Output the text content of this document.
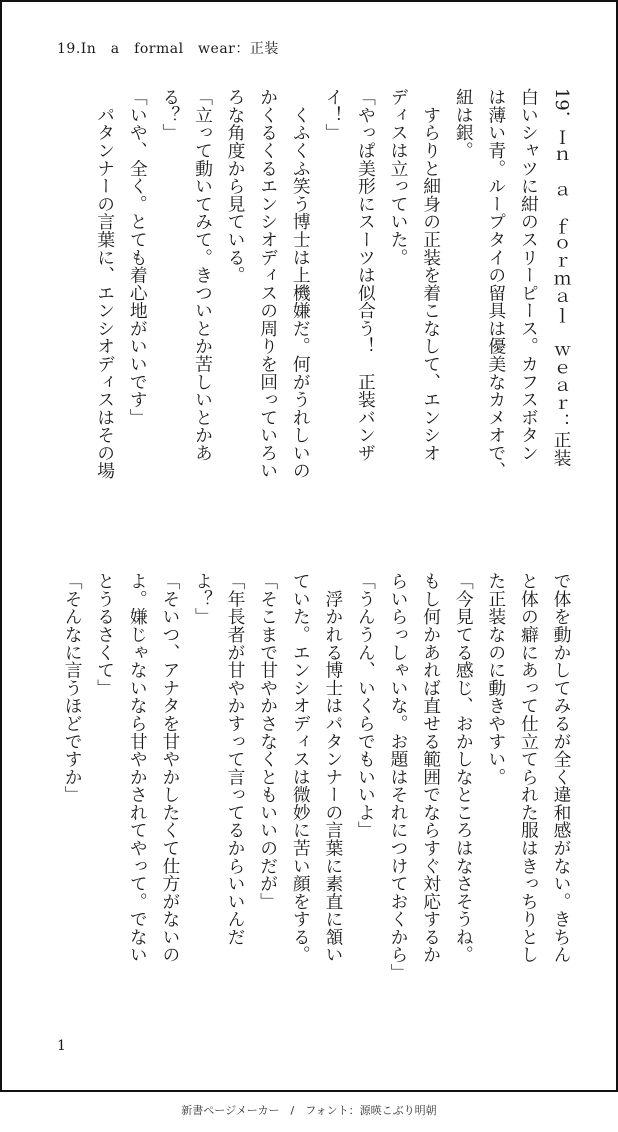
19.In　a　formal　wear：正装

19．Ｉｎ　ａ　ｆｏｒｍａｌ　ｗｅａｒ：正装

白いシャツに紺のスリーピース。カフスボタン

は薄い青。ループタイの留具は優美なカメオで、

紐は銀。

　すらりと細身の正装を着こなして、エンシオ

ディスは立っていた。

「やっぱ美形にスーツは似合う！　正装バンザ

イ！」

　くふくふ笑う博士は上機嫌だ。何がうれしいの

かくるくるエンシオディスの周りを回っていろい

ろな角度から見ている。

「立って動いてみて。きついとか苦しいとかあ

る？」

「いや、全く。とても着心地がいいです」

　パタンナーの言葉に、エンシオディスはその場

で体を動かしてみるが全く違和感がない。きちん

と体の癖にあって仕立てられた服はきっちりとし

た正装なのに動きやすい。

「今見てる感じ、おかしなところはなさそうね。

もし何かあれば直せる範囲でならすぐ対応するか

らいらっしゃいな。お題はそれにつけておくから」

「うんうん、いくらでもいいよ」

　浮かれる博士はパタンナーの言葉に素直に頷い

ていた。エンシオディスは微妙に苦い顔をする。

「そこまで甘やかさなくともいいのだが」

「年長者が甘やかすって言ってるからいいんだ

よ？」

「そいつ、アナタを甘やかしたくて仕方がないの

よ。嫌じゃないなら甘やかされてやって。でない

とうるさくて」

「そんなに言うほどですか」

1
新書ページメーカー　/　フォント：源暎こぶり明朝
